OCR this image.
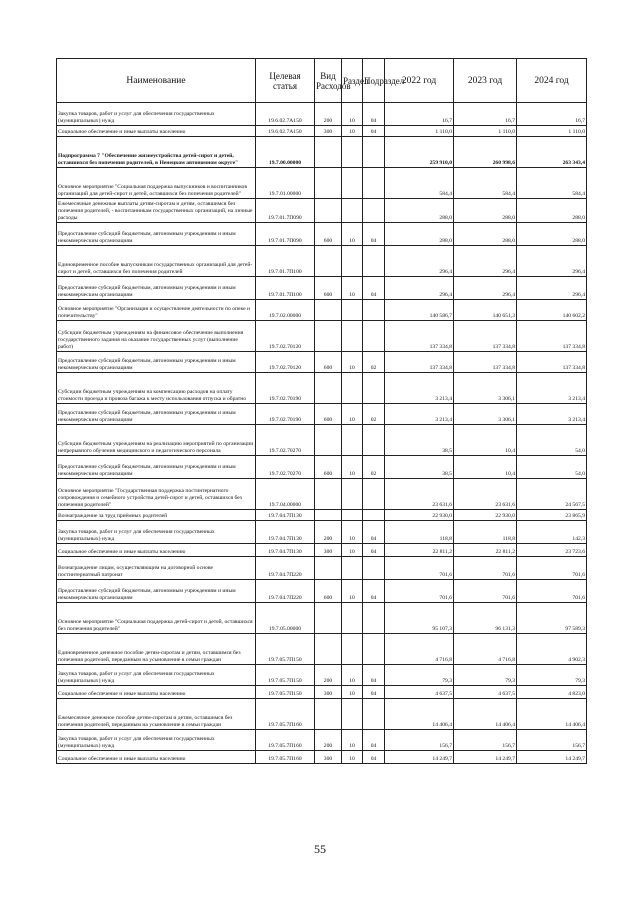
Наименование	Целевая статья	Вид Расходов	Раздел	Подраздел	2022 год	2023 год	2024 год
Закупка товаров, работ и услуг для обеспечения государственных (муниципальных) нужд	19.6.02.7А150	200	10	04	16,7	16,7	16,7
Социальное обеспечение и иные выплаты населению	19.6.02.7А150	300	10	04	1 110,0	1 110,0	1 110,0
Подпрограмма 7 "Обеспечение жизнеустройства детей-сирот и детей, оставшихся без попечения родителей, в Ненецком автономном округе"	19.7.00.00000				259 910,0	260 998,6	263 343,4
Основное мероприятие "Социальная поддержка выпускников и воспитанников организаций для детей-сирот и детей, оставшихся без попечения родителей"	19.7.01.00000				584,4	584,4	584,4
Ежемесячные денежные выплаты детям-сиротам и детям, оставшимся без попечения родителей, - воспитанникам государственных организаций, на личные расходы	19.7.01.7П090				288,0	288,0	288,0
Предоставление субсидий бюджетным, автономным учреждениям и иным некоммерческим организациям	19.7.01.7П090	600	10	04	288,0	288,0	288,0
Единовременное пособие выпускникам государственных организаций для детей-сирот и детей, оставшихся без попечения родителей	19.7.01.7П100				296,4	296,4	296,4
Предоставление субсидий бюджетным, автономным учреждениям и иным некоммерческим организациям	19.7.01.7П100	600	10	04	296,4	296,4	296,4
Основное мероприятие "Организация и осуществление деятельности по опеке и попечительству"	19.7.02.00000				140 586,7	140 651,3	140 602,2
Субсидии бюджетным учреждениям на финансовое обеспечение выполнения государственного задания на оказание государственных услуг (выполнение работ)	19.7.02.70120				137 334,8	137 334,8	137 334,8
Предоставление субсидий бюджетным, автономным учреждениям и иным некоммерческим организациям	19.7.02.70120	600	10	02	137 334,8	137 334,8	137 334,8
Субсидии бюджетным учреждениям на компенсацию расходов на оплату стоимости проезда и провоза багажа к месту использования отпуска и обратно	19.7.02.70190				3 213,4	3 306,1	3 213,4
Предоставление субсидий бюджетным, автономным учреждениям и иным некоммерческим организациям	19.7.02.70190	600	10	02	3 213,4	3 306,1	3 213,4
Субсидии бюджетным учреждениям на реализацию мероприятий по организации непрерывного обучения медицинского и педагогического персонала	19.7.02.70270				38,5	10,4	54,0
Предоставление субсидий бюджетным, автономным учреждениям и иным некоммерческим организациям	19.7.02.70270	600	10	02	38,5	10,4	54,0
Основное мероприятие "Государственная поддержка постинтернатного сопровождения и семейного устройства детей-сирот и детей, оставшихся без попечения родителей"	19.7.04.00000				23 631,6	23 631,6	24 567,5
Вознаграждение за труд приёмных родителей	19.7.04.7П130				22 930,0	22 930,0	23 865,9
Закупка товаров, работ и услуг для обеспечения государственных (муниципальных) нужд	19.7.04.7П130	200	10	04	118,8	118,8	142,3
Социальное обеспечение и иные выплаты населению	19.7.04.7П130	300	10	04	22 811,2	22 811,2	23 723,6
Вознаграждение лицам, осуществляющим на договорной основе постинтернатный патронат	19.7.04.7П220				701,6	701,6	701,6
Предоставление субсидий бюджетным, автономным учреждениям и иным некоммерческим организациям	19.7.04.7П220	600	10	04	701,6	701,6	701,6
Основное мероприятие "Социальная поддержка детей-сирот и детей, оставшихся без попечения родителей"	19.7.05.00000				95 107,3	96 131,3	97 589,3
Единовременное денежное пособие детям-сиротам и детям, оставшимся без попечения родителей, переданным на усыновление в семьи граждан	19.7.05.7П150				4 716,8	4 716,8	4 902,3
Закупка товаров, работ и услуг для обеспечения государственных (муниципальных) нужд	19.7.05.7П150	200	10	04	79,3	79,3	79,3
Социальное обеспечение и иные выплаты населению	19.7.05.7П150	300	10	04	4 637,5	4 637,5	4 823,0
Ежемесячное денежное пособие детям-сиротам и детям, оставшимся без попечения родителей, переданным на усыновление в семьи граждан	19.7.05.7П160				14 406,4	14 406,4	14 406,4
Закупка товаров, работ и услуг для обеспечения государственных (муниципальных) нужд	19.7.05.7П160	200	10	04	156,7	156,7	156,7
Социальное обеспечение и иные выплаты населению	19.7.05.7П160	300	10	04	14 249,7	14 249,7	14 249,7
55
